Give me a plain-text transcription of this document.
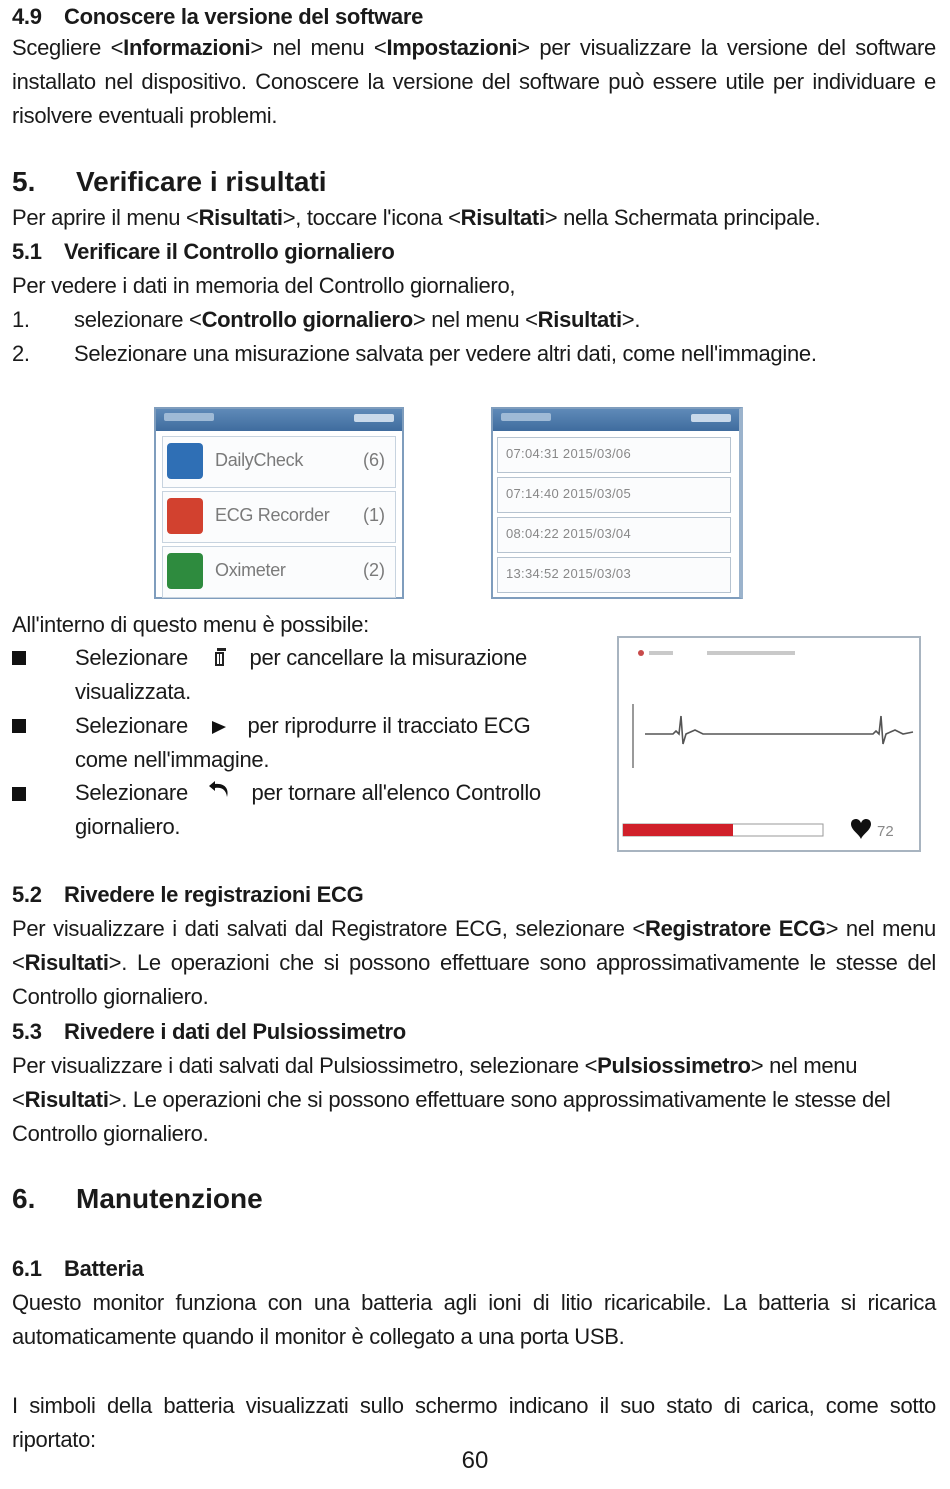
4.9 Conoscere la versione del software
Scegliere <Informazioni> nel menu <Impostazioni> per visualizzare la versione del software installato nel dispositivo. Conoscere la versione del software può essere utile per individuare e risolvere eventuali problemi.
5. Verificare i risultati
Per aprire il menu <Risultati>, toccare l'icona <Risultati> nella Schermata principale.
5.1 Verificare il Controllo giornaliero
Per vedere i dati in memoria del Controllo giornaliero,
1. selezionare <Controllo giornaliero> nel menu <Risultati>.
2. Selezionare una misurazione salvata per vedere altri dati, come nell'immagine.
DailyCheck	(6)
ECG Recorder (1)
Oximeter	(2)
07:04:31 2015/03/06
07:14:40 2015/03/05
08:04:22 2015/03/04
13:34:52 2015/03/03
All'interno di questo menu è possibile:
Selezionare	per cancellare la misurazione
visualizzata.
Selezionare	per riprodurre il tracciato ECG
come nell'immagine.
Selezionare	per tornare all'elenco Controllo
giornaliero.	72
5.2 Rivedere le registrazioni ECG
Per visualizzare i dati salvati dal Registratore ECG, selezionare <Registratore ECG> nel menu <Risultati>. Le operazioni che si possono effettuare sono approssimativamente le stesse del Controllo giornaliero.
5.3 Rivedere i dati del Pulsiossimetro
Per visualizzare i dati salvati dal Pulsiossimetro, selezionare <Pulsiossimetro> nel menu <Risultati>. Le operazioni che si possono effettuare sono approssimativamente le stesse del Controllo giornaliero.
6. Manutenzione
6.1 Batteria
Questo monitor funziona con una batteria agli ioni di litio ricaricabile. La batteria si ricarica automaticamente quando il monitor è collegato a una porta USB.
I simboli della batteria visualizzati sullo schermo indicano il suo stato di carica, come sotto riportato:
60
